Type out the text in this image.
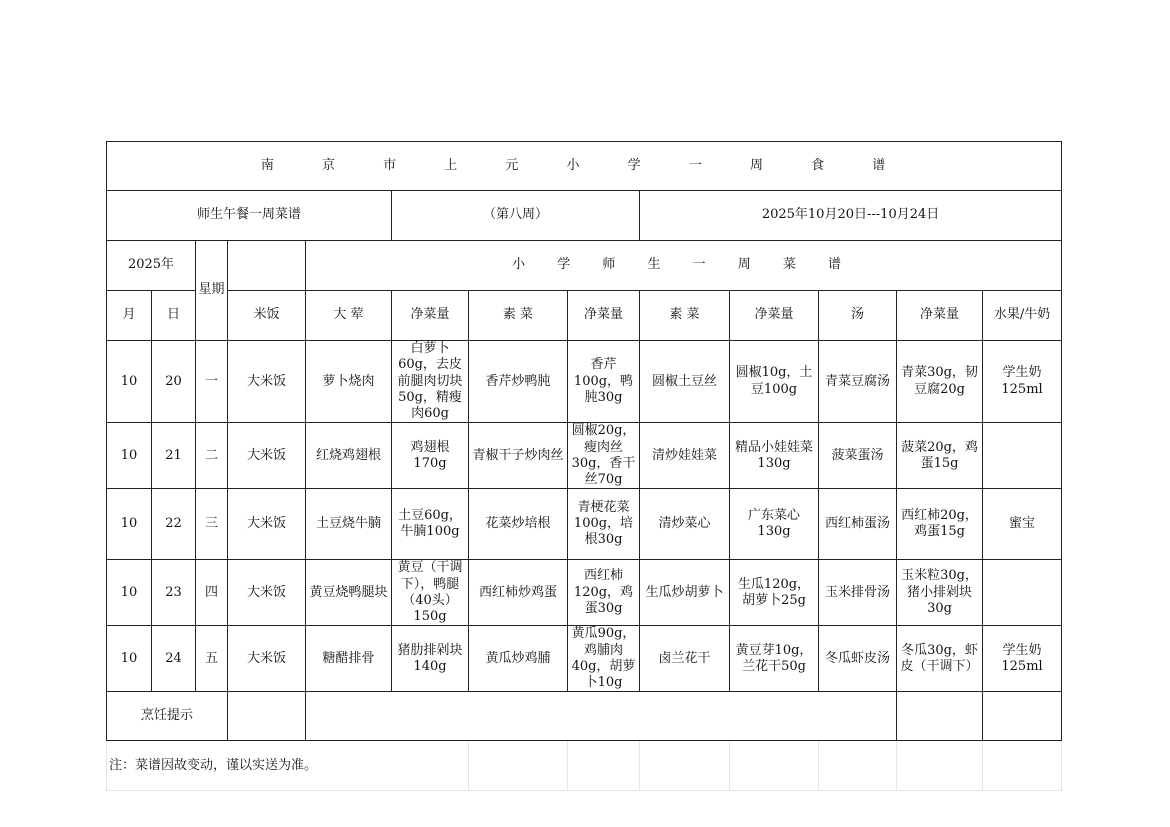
南 京 市 上 元 小 学 一 周 食 谱												
师生午餐一周菜谱					（第八周）			2025年10月20日---10月24日				
2025年		星期		小 学 师 生 一 周 菜 谱								
月	日		米饭	大 荤	净菜量	素 菜	净菜量	素 菜	净菜量	汤	净菜量	水果/牛奶
10	20	一	大米饭	萝卜烧肉	白萝卜60g，去皮前腿肉切块50g，精瘦肉60g	香芹炒鸭肫	香芹100g，鸭肫30g	圆椒土豆丝	圆椒10g，土豆100g	青菜豆腐汤	青菜30g，韧豆腐20g	学生奶125ml
10	21	二	大米饭	红烧鸡翅根	鸡翅根170g	青椒干子炒肉丝	圆椒20g，瘦肉丝30g，香干丝70g	清炒娃娃菜	精品小娃娃菜130g	菠菜蛋汤	菠菜20g，鸡蛋15g	
10	22	三	大米饭	土豆烧牛腩	土豆60g，牛腩100g	花菜炒培根	青梗花菜100g，培根30g	清炒菜心	广东菜心130g	西红柿蛋汤	西红柿20g，鸡蛋15g	蜜宝
10	23	四	大米饭	黄豆烧鸭腿块	黄豆（干调下），鸭腿（40头）150g	西红柿炒鸡蛋	西红柿120g，鸡蛋30g	生瓜炒胡萝卜	生瓜120g，胡萝卜25g	玉米排骨汤	玉米粒30g，猪小排剁块30g	
10	24	五	大米饭	糖醋排骨	猪肋排剁块140g	黄瓜炒鸡脯	黄瓜90g，鸡脯肉40g，胡萝卜10g	卤兰花干	黄豆芽10g，兰花干50g	冬瓜虾皮汤	冬瓜30g，虾皮（干调下）	学生奶 125ml
烹饪提示												
注：菜谱因故变动，谨以实送为准。												
